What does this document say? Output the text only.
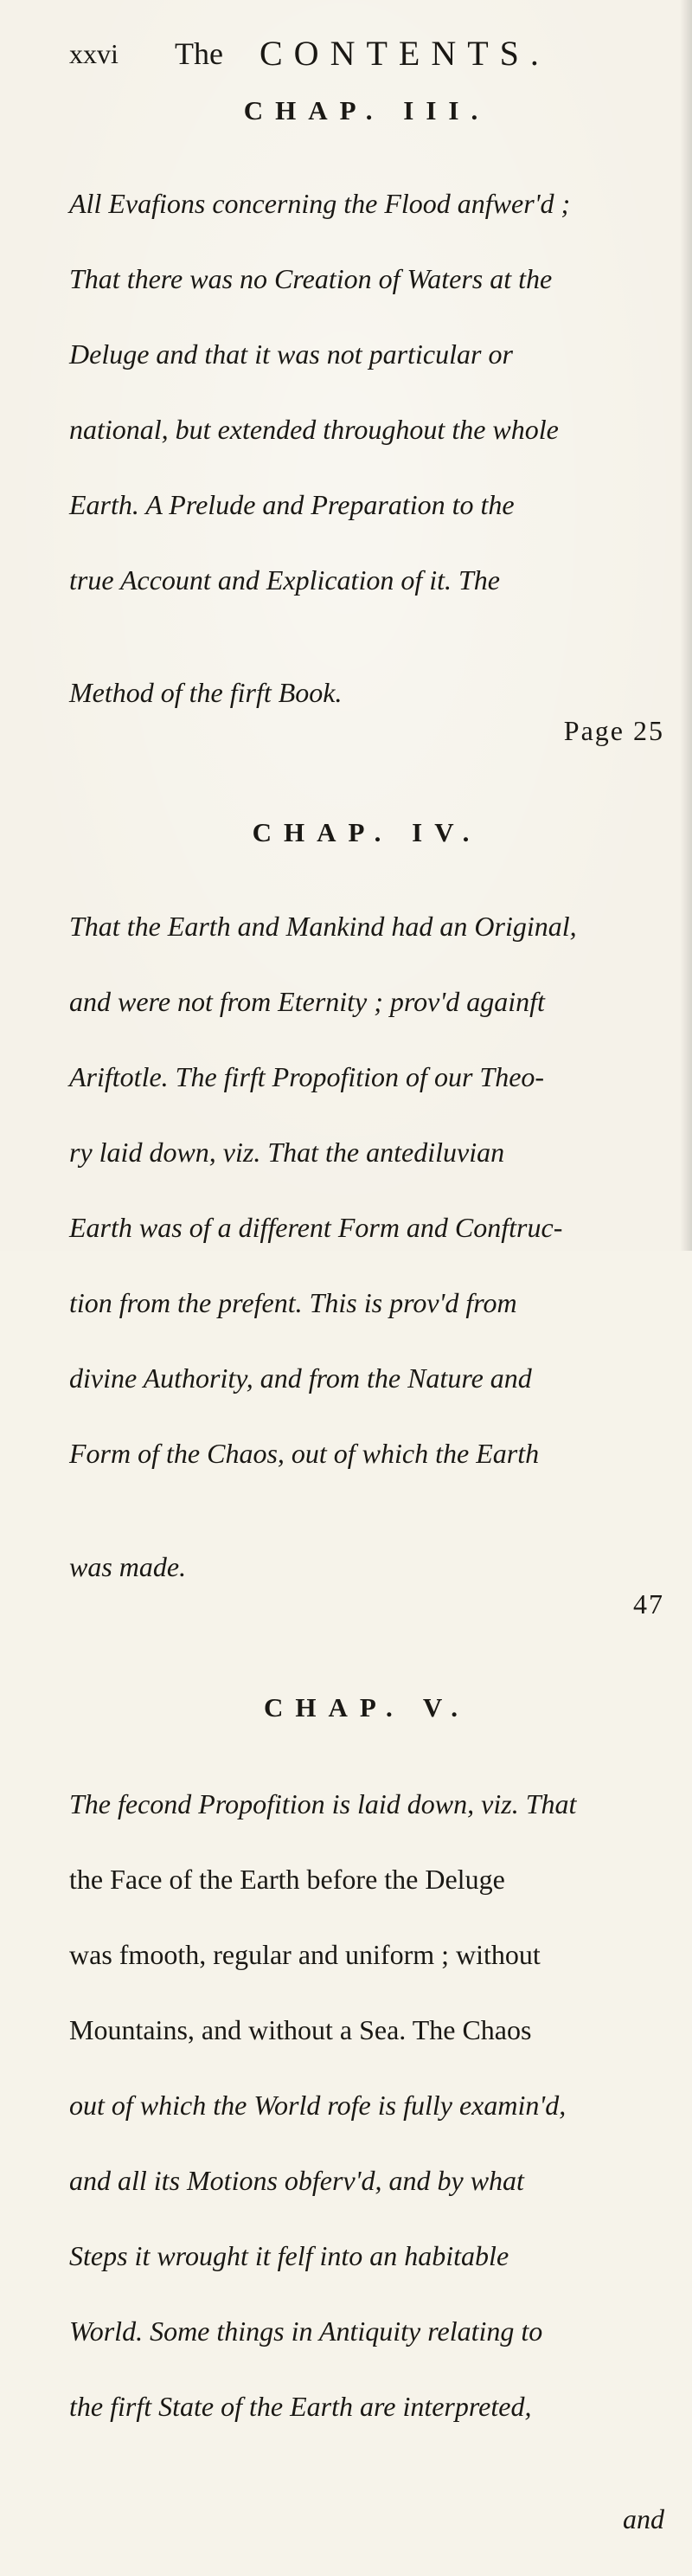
xxvi The CONTENTS.
CHAP. III.

All Evafions concerning the Flood anfwer'd ;

That there was no Creation of Waters at the

Deluge and that it was not particular or

national, but extended throughout the whole

Earth. A Prelude and Preparation to the

true Account and Explication of it. The

Method of the firft Book.

Page 25

CHAP. IV.

That the Earth and Mankind had an Original,

and were not from Eternity ; prov'd againft

Ariftotle. The firft Propofition of our Theo-

ry laid down, viz. That the antediluvian

Earth was of a different Form and Conftruc-

tion from the prefent. This is prov'd from

divine Authority, and from the Nature and

Form of the Chaos, out of which the Earth

was made.

47

CHAP. V.

The fecond Propofition is laid down, viz. That

the Face of the Earth before the Deluge

was fmooth, regular and uniform ; without

Mountains, and without a Sea. The Chaos

out of which the World rofe is fully examin'd,

and all its Motions obferv'd, and by what

Steps it wrought it felf into an habitable

World. Some things in Antiquity relating to

the firft State of the Earth are interpreted,

and
